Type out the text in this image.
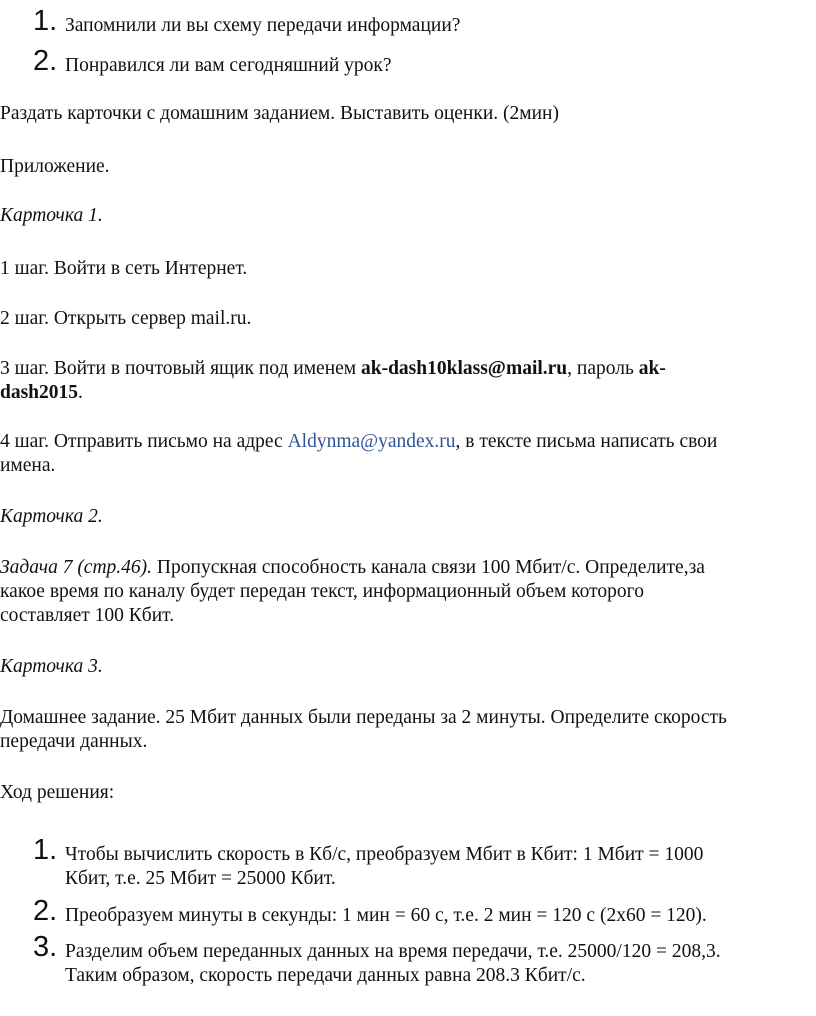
1. Запомнили ли вы схему передачи информации?
2. Понравился ли вам сегодняшний урок?
Раздать карточки с домашним заданием. Выставить оценки. (2мин)
Приложение.
Карточка 1.
1 шаг. Войти в сеть Интернет.
2 шаг. Открыть сервер mail.ru.
3 шаг. Войти в почтовый ящик под именем ak-dash10klass@mail.ru, пароль ak-
dash2015.
4 шаг. Отправить письмо на адрес Aldynma@yandex.ru, в тексте письма написать свои
имена.
Карточка 2.
Задача 7 (стр.46). Пропускная способность канала связи 100 Мбит/с. Определите,за
какое время по каналу будет передан текст, информационный объем которого
составляет 100 Кбит.
Карточка 3.
Домашнее задание. 25 Мбит данных были переданы за 2 минуты. Определите скорость
передачи данных.
Ход решения:
1. Чтобы вычислить скорость в Кб/с, преобразуем Мбит в Кбит: 1 Мбит = 1000
Кбит, т.е. 25 Мбит = 25000 Кбит.
2. Преобразуем минуты в секунды: 1 мин = 60 с, т.е. 2 мин = 120 с (2х60 = 120).
3. Разделим объем переданных данных на время передачи, т.е. 25000/120 = 208,3.
Таким образом, скорость передачи данных равна 208.3 Кбит/с.
